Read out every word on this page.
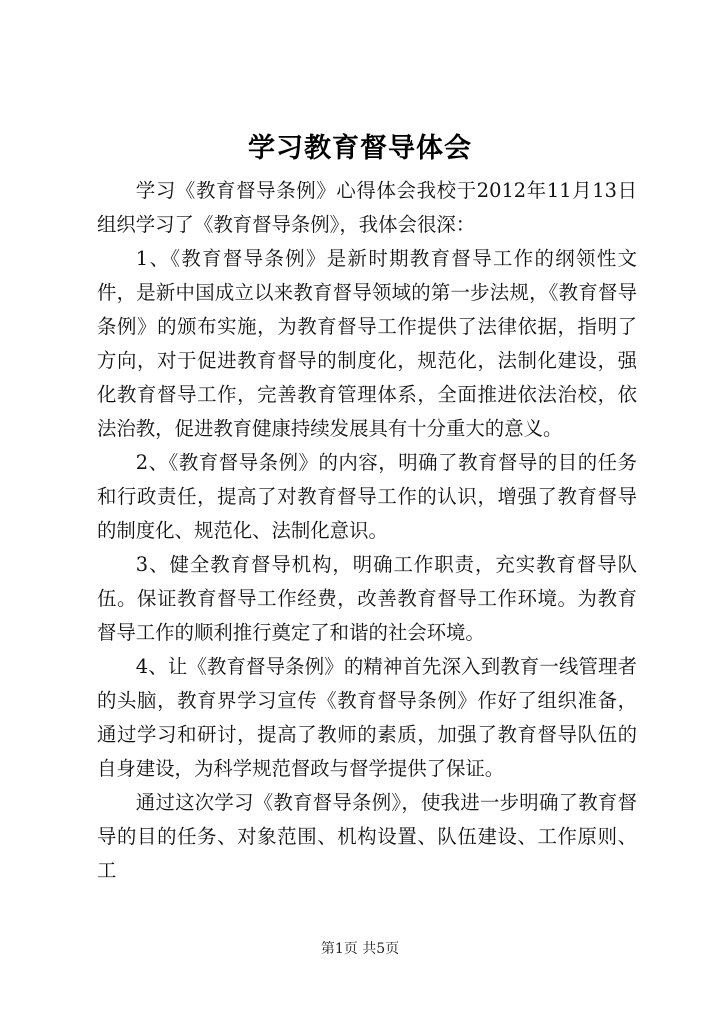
学习教育督导体会

学习《教育督导条例》心得体会我校于2012年11月13日组织学习了《教育督导条例》，我体会很深：

1、《教育督导条例》是新时期教育督导工作的纲领性文件，是新中国成立以来教育督导领域的第一步法规，《教育督导条例》的颁布实施，为教育督导工作提供了法律依据，指明了方向，对于促进教育督导的制度化，规范化，法制化建设，强化教育督导工作，完善教育管理体系，全面推进依法治校，依法治教，促进教育健康持续发展具有十分重大的意义。

2、《教育督导条例》的内容，明确了教育督导的目的任务和行政责任，提高了对教育督导工作的认识，增强了教育督导的制度化、规范化、法制化意识。

3、健全教育督导机构，明确工作职责，充实教育督导队伍。保证教育督导工作经费，改善教育督导工作环境。为教育督导工作的顺利推行奠定了和谐的社会环境。

4、让《教育督导条例》的精神首先深入到教育一线管理者的头脑，教育界学习宣传《教育督导条例》作好了组织准备，通过学习和研讨，提高了教师的素质，加强了教育督导队伍的自身建设，为科学规范督政与督学提供了保证。

通过这次学习《教育督导条例》，使我进一步明确了教育督导的目的任务、对象范围、机构设置、队伍建设、工作原则、工

第1页 共5页
